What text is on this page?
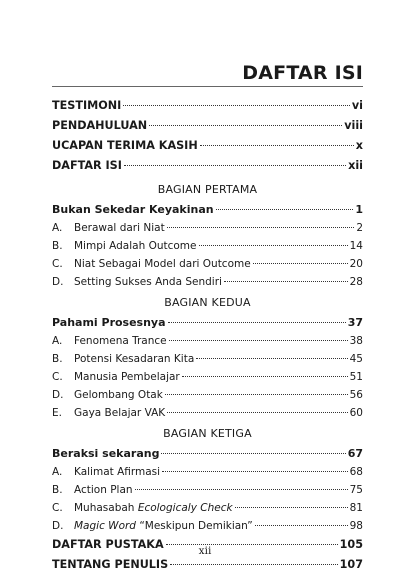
DAFTAR ISI
TESTIMONI	vi
PENDAHULUAN	viii
UCAPAN TERIMA KASIH	x
DAFTAR ISI	xii
BAGIAN PERTAMA
Bukan Sekedar Keyakinan	1
A. Berawal dari Niat	2
B. Mimpi Adalah Outcome	14
C. Niat Sebagai Model dari Outcome	20
D. Setting Sukses Anda Sendiri	28
BAGIAN KEDUA
Pahami Prosesnya	37
A. Fenomena Trance	38
B. Potensi Kesadaran Kita	45
C. Manusia Pembelajar	51
D. Gelombang Otak	56
E. Gaya Belajar VAK	60
BAGIAN KETIGA
Beraksi sekarang	67
A. Kalimat Afirmasi	68
B. Action Plan	75
C. Muhasabah Ecologicaly Check	81
D. Magic Word “Meskipun Demikian”	98
DAFTAR PUSTAKA	105
TENTANG PENULIS	107
xii
